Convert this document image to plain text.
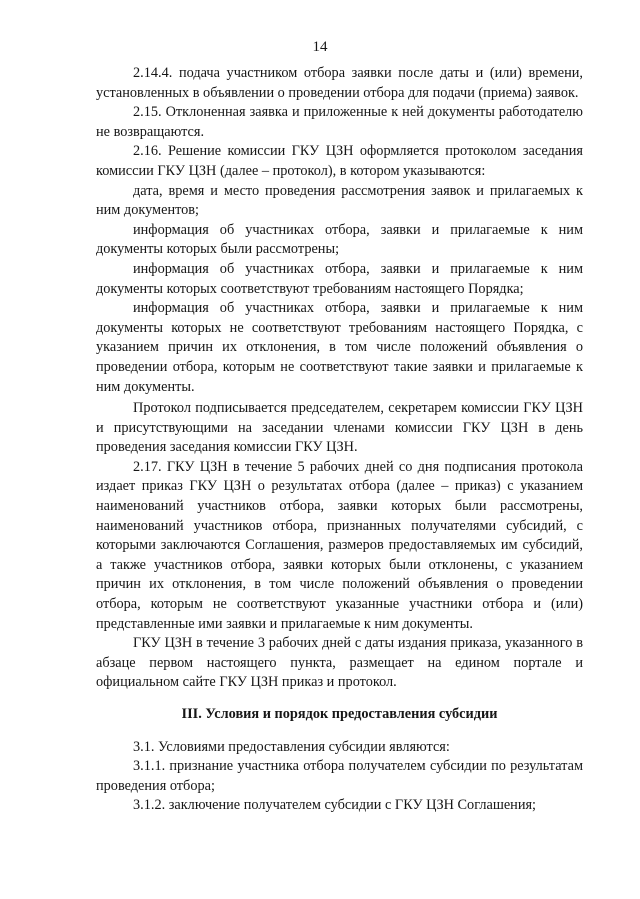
14

2.14.4. подача участником отбора заявки после даты и (или) времени, установленных в объявлении о проведении отбора для подачи (приема) заявок.

2.15. Отклоненная заявка и приложенные к ней документы работодателю не возвращаются.

2.16. Решение комиссии ГКУ ЦЗН оформляется протоколом заседания комиссии ГКУ ЦЗН (далее – протокол), в котором указываются:

дата, время и место проведения рассмотрения заявок и прилагаемых к ним документов;

информация об участниках отбора, заявки и прилагаемые к ним документы которых были рассмотрены;

информация об участниках отбора, заявки и прилагаемые к ним документы которых соответствуют требованиям настоящего Порядка;

информация об участниках отбора, заявки и прилагаемые к ним документы которых не соответствуют требованиям настоящего Порядка, с указанием причин их отклонения, в том числе положений объявления о проведении отбора, которым не соответствуют такие заявки и прилагаемые к ним документы.

Протокол подписывается председателем, секретарем комиссии ГКУ ЦЗН и присутствующими на заседании членами комиссии ГКУ ЦЗН в день проведения заседания комиссии ГКУ ЦЗН.

2.17. ГКУ ЦЗН в течение 5 рабочих дней со дня подписания протокола издает приказ ГКУ ЦЗН о результатах отбора (далее – приказ) с указанием наименований участников отбора, заявки которых были рассмотрены, наименований участников отбора, признанных получателями субсидий, с которыми заключаются Соглашения, размеров предоставляемых им субсидий, а также участников отбора, заявки которых были отклонены, с указанием причин их отклонения, в том числе положений объявления о проведении отбора, которым не соответствуют указанные участники отбора и (или) представленные ими заявки и прилагаемые к ним документы.

ГКУ ЦЗН в течение 3 рабочих дней с даты издания приказа, указанного в абзаце первом настоящего пункта, размещает на едином портале и официальном сайте ГКУ ЦЗН приказ и протокол.

III. Условия и порядок предоставления субсидии

3.1. Условиями предоставления субсидии являются:

3.1.1. признание участника отбора получателем субсидии по результатам проведения отбора;

3.1.2. заключение получателем субсидии с ГКУ ЦЗН Соглашения;
